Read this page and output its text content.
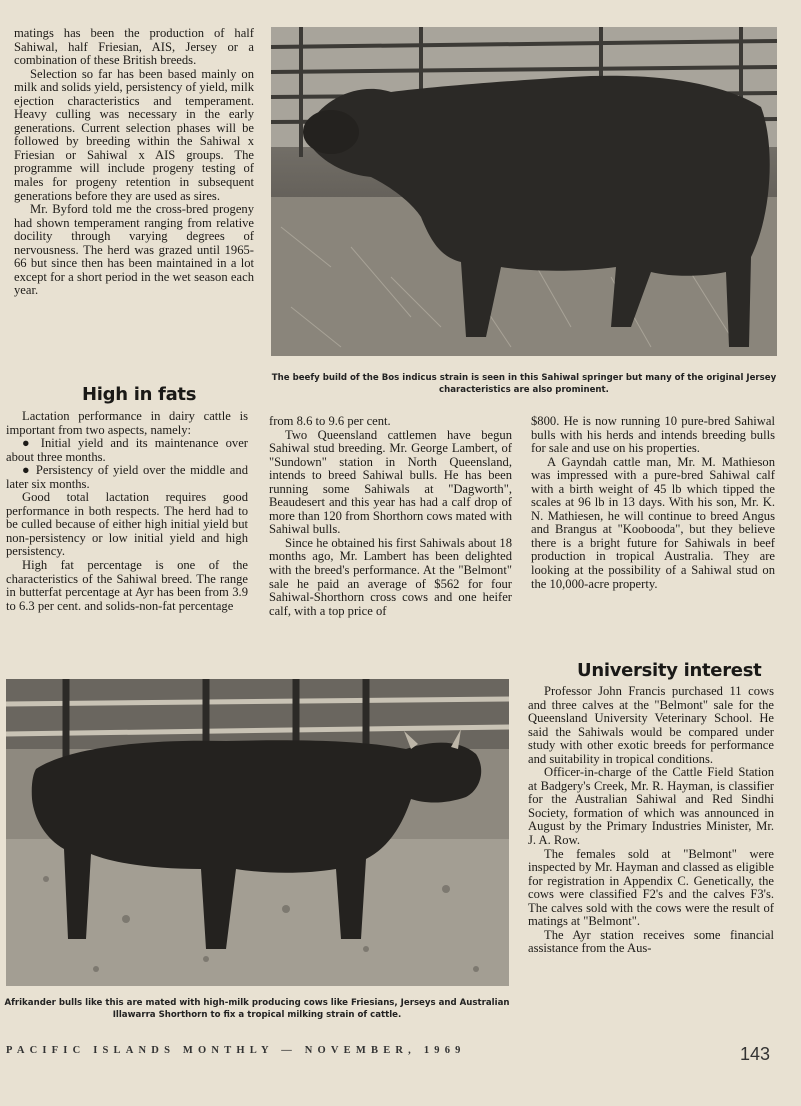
matings has been the production of half Sahiwal, half Friesian, AIS, Jersey or a combination of these British breeds.

Selection so far has been based mainly on milk and solids yield, persistency of yield, milk ejection characteristics and temperament. Heavy culling was necessary in the early generations. Current selection phases will be followed by breeding within the Sahiwal x Friesian or Sahiwal x AIS groups. The programme will include progeny testing of males for progeny retention in subsequent generations before they are used as sires.

Mr. Byford told me the cross-bred progeny had shown temperament ranging from relative docility through varying degrees of nervousness. The herd was grazed until 1965-66 but since then has been maintained in a lot except for a short period in the wet season each year.

The beefy build of the Bos indicus strain is seen in this Sahiwal springer but many of the original Jersey characteristics are also prominent.

High in fats

Lactation performance in dairy cattle is important from two aspects, namely:

● Initial yield and its maintenance over about three months.

● Persistency of yield over the middle and later six months.

Good total lactation requires good performance in both respects. The herd had to be culled because of either high initial yield but non-persistency or low initial yield and high persistency.

High fat percentage is one of the characteristics of the Sahiwal breed. The range in butterfat percentage at Ayr has been from 3.9 to 6.3 per cent. and solids-non-fat percentage

from 8.6 to 9.6 per cent.

Two Queensland cattlemen have begun Sahiwal stud breeding. Mr. George Lambert, of "Sundown" station in North Queensland, intends to breed Sahiwal bulls. He has been running some Sahiwals at "Dagworth", Beaudesert and this year has had a calf drop of more than 120 from Shorthorn cows mated with Sahiwal bulls.

Since he obtained his first Sahiwals about 18 months ago, Mr. Lambert has been delighted with the breed's performance. At the "Belmont" sale he paid an average of $562 for four Sahiwal-Shorthorn cross cows and one heifer calf, with a top price of

$800. He is now running 10 pure-bred Sahiwal bulls with his herds and intends breeding bulls for sale and use on his properties.

A Gayndah cattle man, Mr. M. Mathieson was impressed with a pure-bred Sahiwal calf with a birth weight of 45 lb which tipped the scales at 96 lb in 13 days. With his son, Mr. K. N. Mathiesen, he will continue to breed Angus and Brangus at "Koobooda", but they believe there is a bright future for Sahiwals in beef production in tropical Australia. They are looking at the possibility of a Sahiwal stud on the 10,000-acre property.

University interest

Professor John Francis purchased 11 cows and three calves at the "Belmont" sale for the Queensland University Veterinary School. He said the Sahiwals would be compared under study with other exotic breeds for performance and suitability in tropical conditions.

Officer-in-charge of the Cattle Field Station at Badgery's Creek, Mr. R. Hayman, is classifier for the Australian Sahiwal and Red Sindhi Society, formation of which was announced in August by the Primary Industries Minister, Mr. J. A. Row.

The females sold at "Belmont" were inspected by Mr. Hayman and classed as eligible for registration in Appendix C. Genetically, the cows were classified F2's and the calves F3's. The calves sold with the cows were the result of matings at "Belmont".

The Ayr station receives some financial assistance from the Aus-

Afrikander bulls like this are mated with high-milk producing cows like Friesians, Jerseys and Australian Illawarra Shorthorn to fix a tropical milking strain of cattle.

PACIFIC ISLANDS MONTHLY — NOVEMBER, 1969	143
